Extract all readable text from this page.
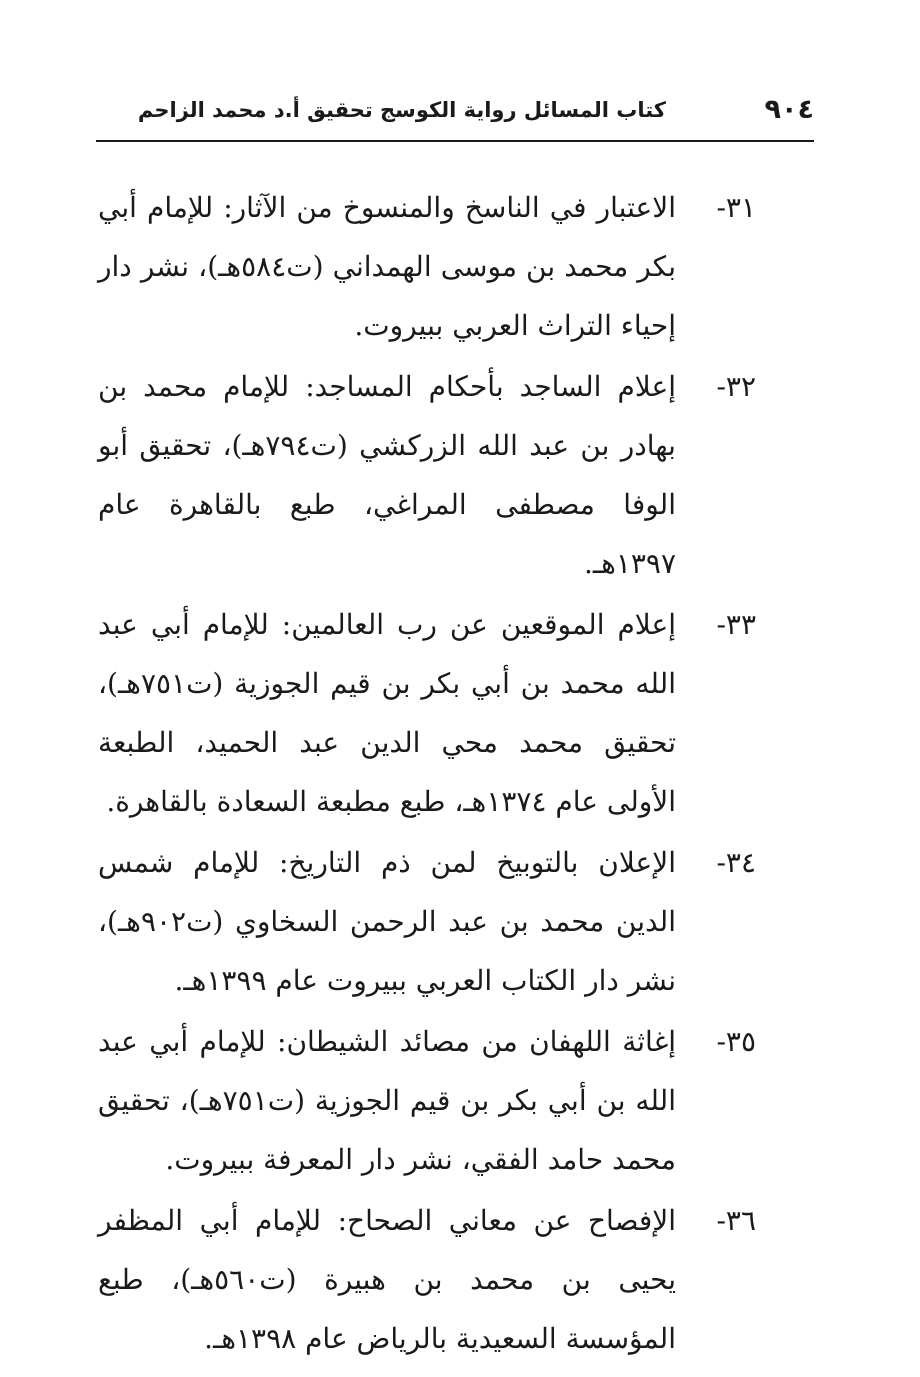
٩٠٤
كتاب المسائل رواية الكوسج تحقيق أ.د محمد الزاحم
٣١-
الاعتبار في الناسخ والمنسوخ من الآثار: للإمام أبي بكر محمد بن موسى الهمداني (ت٥٨٤هـ)، نشر دار إحياء التراث العربي ببيروت.
٣٢-
إعلام الساجد بأحكام المساجد: للإمام محمد بن بهادر بن عبد الله الزركشي (ت٧٩٤هـ)، تحقيق أبو الوفا مصطفى المراغي، طبع بالقاهرة عام ١٣٩٧هـ.
٣٣-
إعلام الموقعين عن رب العالمين: للإمام أبي عبد الله محمد بن أبي بكر بن قيم الجوزية (ت٧٥١هـ)، تحقيق محمد محي الدين عبد الحميد، الطبعة الأولى عام ١٣٧٤هـ، طبع مطبعة السعادة بالقاهرة.
٣٤-
الإعلان بالتوبيخ لمن ذم التاريخ: للإمام شمس الدين محمد بن عبد الرحمن السخاوي (ت٩٠٢هـ)، نشر دار الكتاب العربي ببيروت عام ١٣٩٩هـ.
٣٥-
إغاثة اللهفان من مصائد الشيطان: للإمام أبي عبد الله بن أبي بكر بن قيم الجوزية (ت٧٥١هـ)، تحقيق محمد حامد الفقي، نشر دار المعرفة ببيروت.
٣٦-
الإفصاح عن معاني الصحاح: للإمام أبي المظفر يحيى بن محمد بن هبيرة (ت٥٦٠هـ)، طبع المؤسسة السعيدية بالرياض عام ١٣٩٨هـ.
